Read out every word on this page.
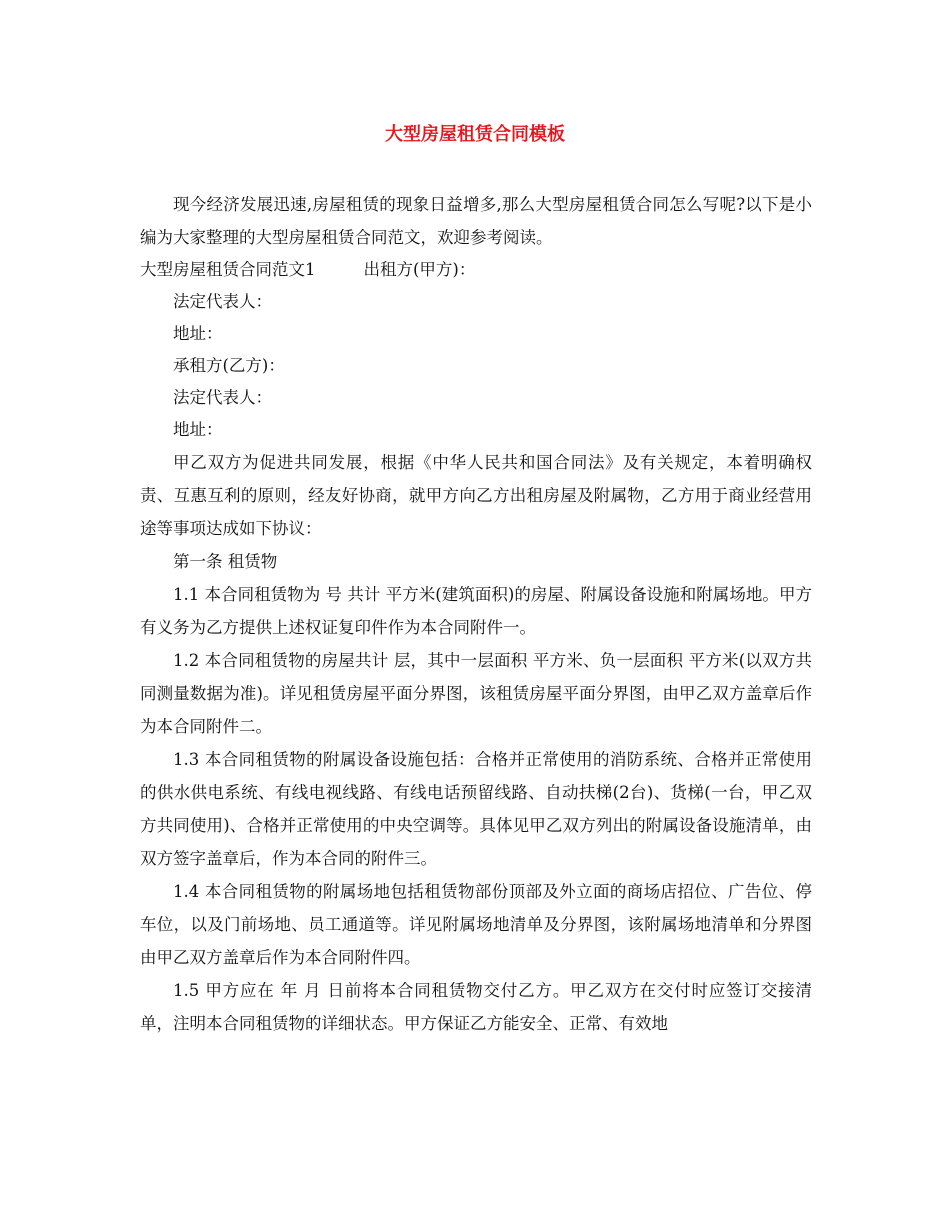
大型房屋租赁合同模板

现今经济发展迅速,房屋租赁的现象日益增多,那么大型房屋租赁合同怎么写呢?以下是小编为大家整理的大型房屋租赁合同范文，欢迎参考阅读。

大型房屋租赁合同范文1	出租方(甲方)：

法定代表人：

地址：

承租方(乙方)：

法定代表人：

地址：

甲乙双方为促进共同发展，根据《中华人民共和国合同法》及有关规定，本着明确权责、互惠互利的原则，经友好协商，就甲方向乙方出租房屋及附属物，乙方用于商业经营用途等事项达成如下协议：

第一条 租赁物

1.1 本合同租赁物为 号 共计 平方米(建筑面积)的房屋、附属设备设施和附属场地。甲方有义务为乙方提供上述权证复印件作为本合同附件一。

1.2 本合同租赁物的房屋共计 层，其中一层面积 平方米、负一层面积 平方米(以双方共同测量数据为准)。详见租赁房屋平面分界图，该租赁房屋平面分界图，由甲乙双方盖章后作为本合同附件二。

1.3 本合同租赁物的附属设备设施包括：合格并正常使用的消防系统、合格并正常使用的供水供电系统、有线电视线路、有线电话预留线路、自动扶梯(2台)、货梯(一台，甲乙双方共同使用)、合格并正常使用的中央空调等。具体见甲乙双方列出的附属设备设施清单，由双方签字盖章后，作为本合同的附件三。

1.4 本合同租赁物的附属场地包括租赁物部份顶部及外立面的商场店招位、广告位、停车位，以及门前场地、员工通道等。详见附属场地清单及分界图，该附属场地清单和分界图由甲乙双方盖章后作为本合同附件四。

1.5 甲方应在 年 月 日前将本合同租赁物交付乙方。甲乙双方在交付时应签订交接清单，注明本合同租赁物的详细状态。甲方保证乙方能安全、正常、有效地
